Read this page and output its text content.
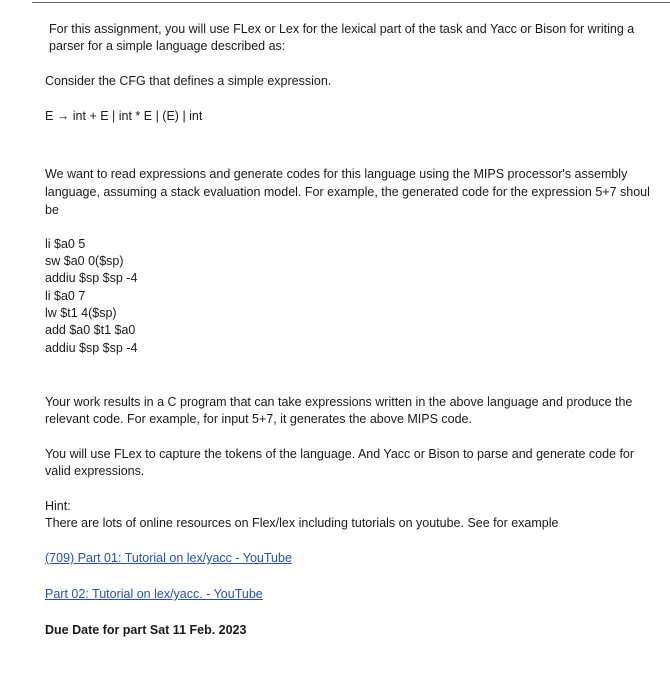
For this assignment, you will use FLex or Lex for the lexical part of the task and Yacc or Bison for writing a
parser for a simple language described as:
Consider the CFG that defines a simple expression.
E → int + E | int * E | (E) | int
We want to read expressions and generate codes for this language using the MIPS processor's assembly
language, assuming a stack evaluation model. For example, the generated code for the expression 5+7 shoul
be
li $a0 5
sw $a0 0($sp)
addiu $sp $sp -4
li $a0 7
lw $t1 4($sp)
add $a0 $t1 $a0
addiu $sp $sp -4
Your work results in a C program that can take expressions written in the above language and produce the
relevant code. For example, for input 5+7, it generates the above MIPS code.
You will use FLex to capture the tokens of the language. And Yacc or Bison to parse and generate code for
valid expressions.
Hint:
There are lots of online resources on Flex/lex including tutorials on youtube. See for example
(709) Part 01: Tutorial on lex/yacc - YouTube
Part 02: Tutorial on lex/yacc. - YouTube
Due Date for part Sat 11 Feb. 2023
